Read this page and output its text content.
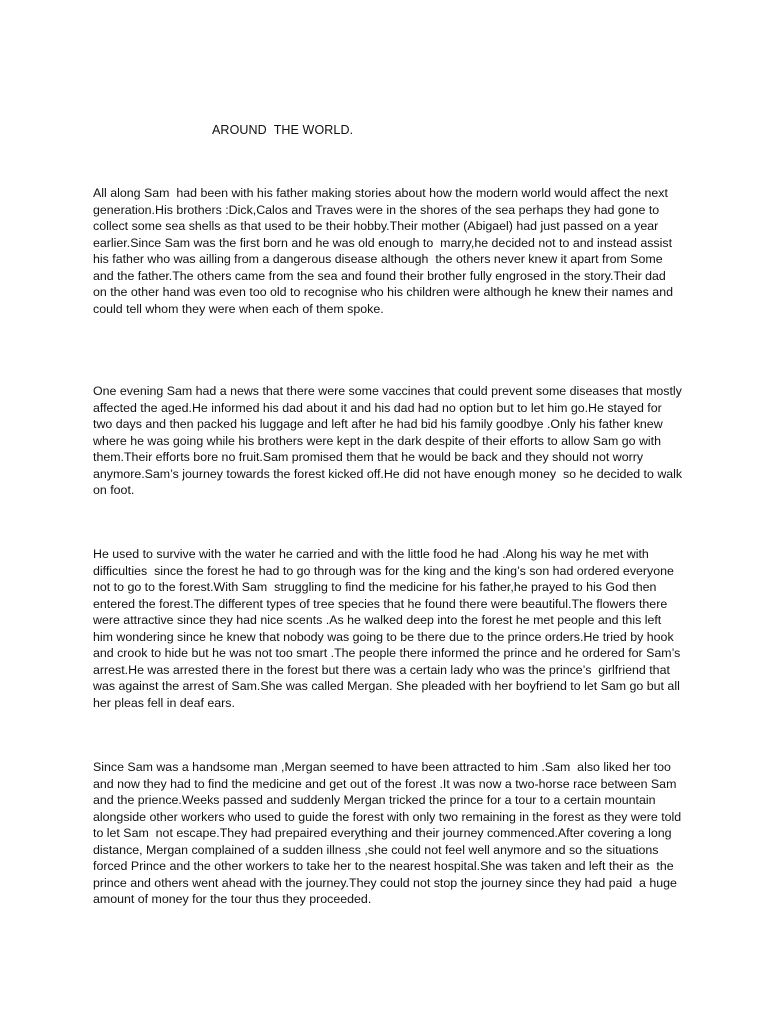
AROUND  THE WORLD.

All along Sam  had been with his father making stories about how the modern world would affect the next generation.His brothers :Dick,Calos and Traves were in the shores of the sea perhaps they had gone to collect some sea shells as that used to be their hobby.Their mother (Abigael) had just passed on a year earlier.Since Sam was the first born and he was old enough to  marry,he decided not to and instead assist his father who was ailling from a dangerous disease although  the others never knew it apart from Some and the father.The others came from the sea and found their brother fully engrosed in the story.Their dad on the other hand was even too old to recognise who his children were although he knew their names and could tell whom they were when each of them spoke.

One evening Sam had a news that there were some vaccines that could prevent some diseases that mostly affected the aged.He informed his dad about it and his dad had no option but to let him go.He stayed for two days and then packed his luggage and left after he had bid his family goodbye .Only his father knew where he was going while his brothers were kept in the dark despite of their efforts to allow Sam go with them.Their efforts bore no fruit.Sam promised them that he would be back and they should not worry anymore.Sam’s journey towards the forest kicked off.He did not have enough money  so he decided to walk on foot.

He used to survive with the water he carried and with the little food he had .Along his way he met with difficulties  since the forest he had to go through was for the king and the king’s son had ordered everyone not to go to the forest.With Sam  struggling to find the medicine for his father,he prayed to his God then entered the forest.The different types of tree species that he found there were beautiful.The flowers there were attractive since they had nice scents .As he walked deep into the forest he met people and this left him wondering since he knew that nobody was going to be there due to the prince orders.He tried by hook and crook to hide but he was not too smart .The people there informed the prince and he ordered for Sam’s arrest.He was arrested there in the forest but there was a certain lady who was the prince’s  girlfriend that was against the arrest of Sam.She was called Mergan. She pleaded with her boyfriend to let Sam go but all her pleas fell in deaf ears.

Since Sam was a handsome man ,Mergan seemed to have been attracted to him .Sam  also liked her too and now they had to find the medicine and get out of the forest .It was now a two-horse race between Sam and the prience.Weeks passed and suddenly Mergan tricked the prince for a tour to a certain mountain alongside other workers who used to guide the forest with only two remaining in the forest as they were told to let Sam  not escape.They had prepaired everything and their journey commenced.After covering a long distance, Mergan complained of a sudden illness ,she could not feel well anymore and so the situations forced Prince and the other workers to take her to the nearest hospital.She was taken and left their as  the prince and others went ahead with the journey.They could not stop the journey since they had paid  a huge amount of money for the tour thus they proceeded.
